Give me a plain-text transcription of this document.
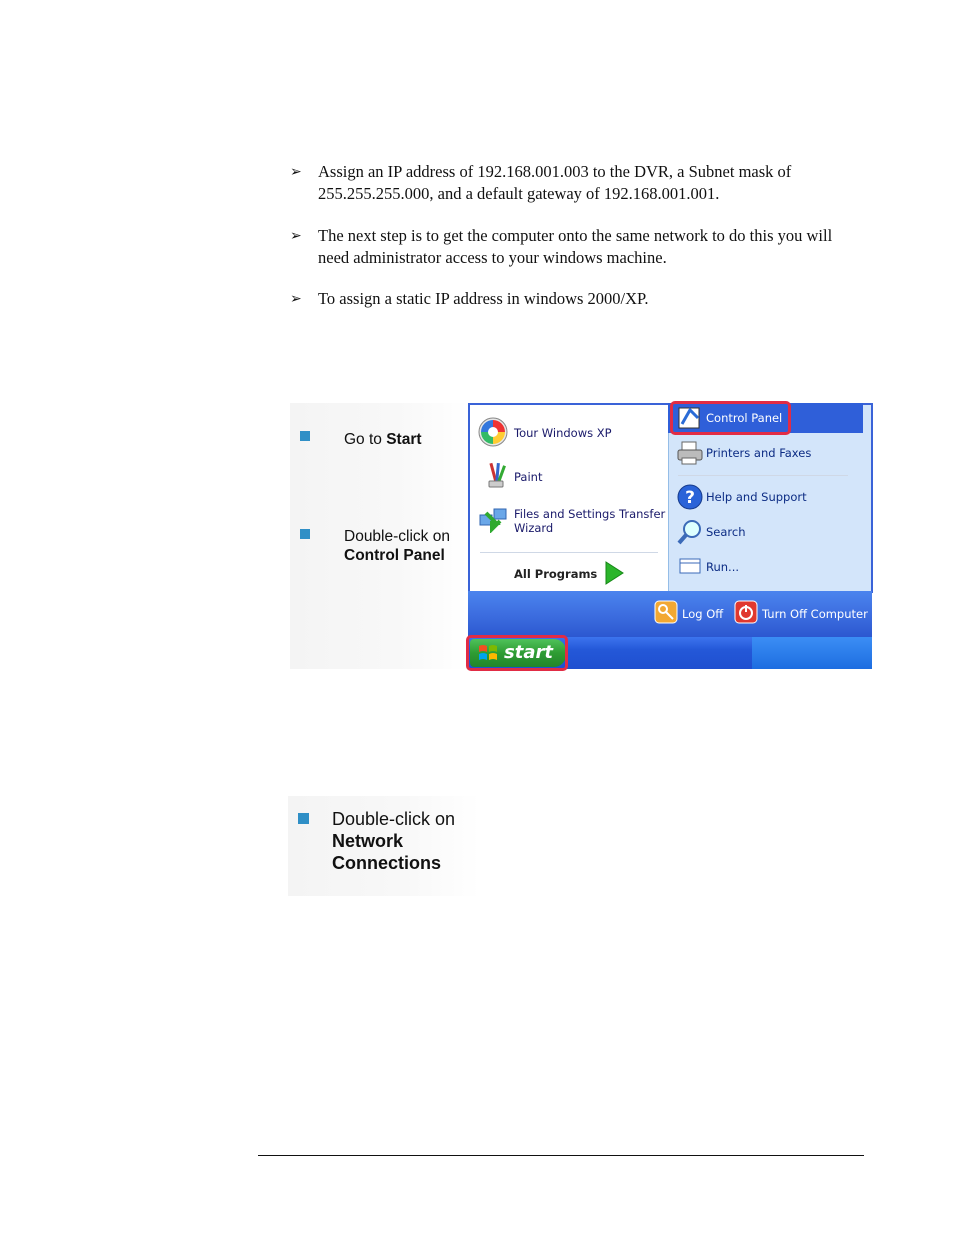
➢ Assign an IP address of 192.168.001.003 to the DVR, a Subnet mask of 255.255.255.000, and a default gateway of 192.168.001.001.
➢ The next step is to get the computer onto the same network to do this you will need administrator access to your windows machine.
➢ To assign a static IP address in windows 2000/XP.
Go to Start
Double-click on
Control Panel
Tour Windows XP
Paint
Files and Settings Transfer
Wizard
All Programs
Control Panel
Printers and Faxes
? Help and Support
Search
Run...
Log Off	Turn Off Computer
start
Double-click on
Network
Connections
